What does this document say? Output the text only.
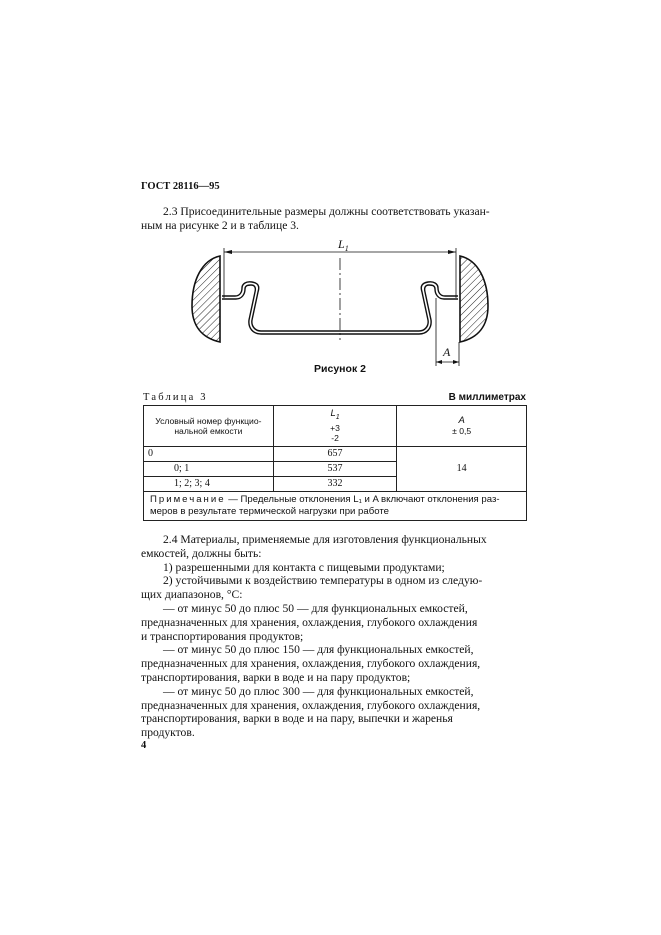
ГОСТ 28116—95
2.3 Присоединительные размеры должны соответствовать указан-
ным на рисунке 2 и в таблице 3.
$L_1$
A
Рисунок 2
Таблица 3	В миллиметрах
Условный номер функцио-
нальной емкости	$L_1$
+3
-2	A
± 0,5

0	657	14
0; 1	537	
1; 2; 3; 4	332	
Примечание — Предельные отклонения L₁ и A включают отклонения раз-
меров в результате термической нагрузки при работе		
2.4 Материалы, применяемые для изготовления функциональных
емкостей, должны быть:
1) разрешенными для контакта с пищевыми продуктами;
2) устойчивыми к воздействию температуры в одном из следую-
щих диапазонов, °С:
— от минус 50 до плюс 50 — для функциональных емкостей,
предназначенных для хранения, охлаждения, глубокого охлаждения
и транспортирования продуктов;
— от минус 50 до плюс 150 — для функциональных емкостей,
предназначенных для хранения, охлаждения, глубокого охлаждения,
транспортирования, варки в воде и на пару продуктов;
— от минус 50 до плюс 300 — для функциональных емкостей,
предназначенных для хранения, охлаждения, глубокого охлаждения,
транспортирования, варки в воде и на пару, выпечки и жаренья
продуктов.
4
